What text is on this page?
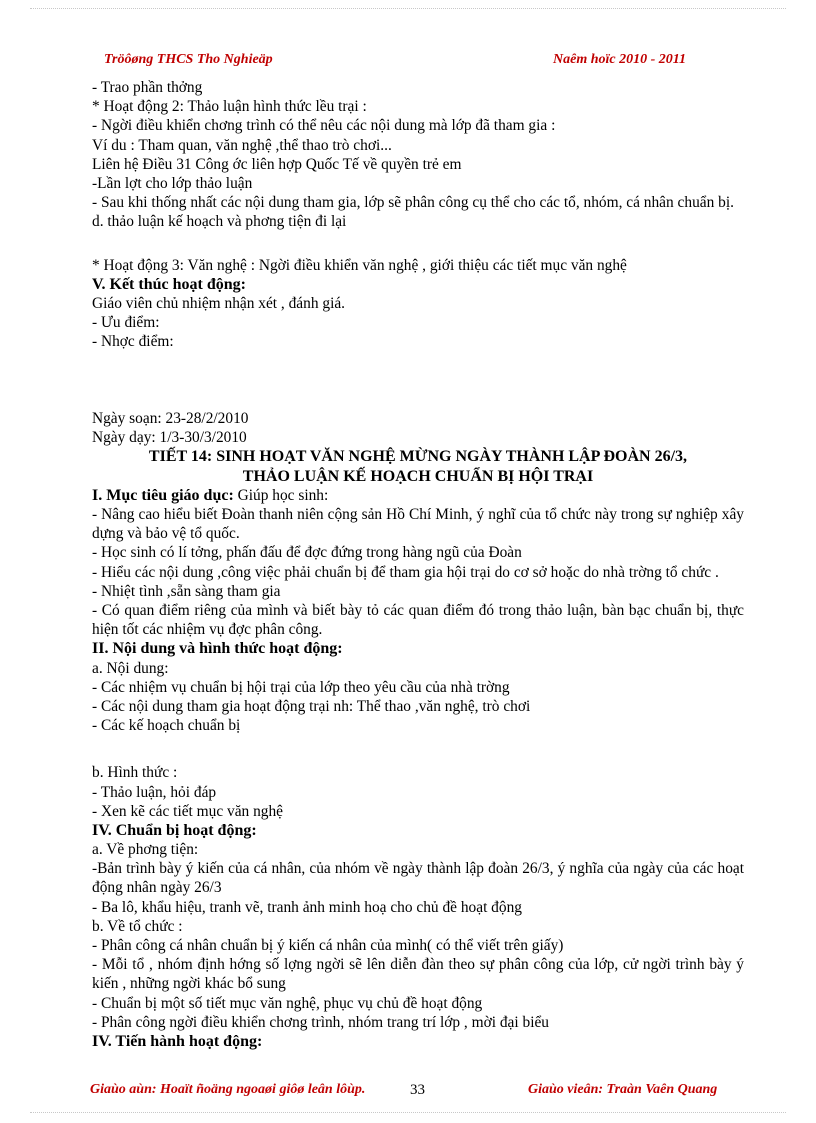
Tröôøng THCS Tho Nghieäp	Naêm hoïc 2010 - 2011
- Trao phần thởng
* Hoạt động 2: Thảo luận hình thức lều trại :
- Ngời điều khiển chơng trình có thể nêu các nội dung mà lớp đã tham gia :
Ví du : Tham quan, văn nghệ ,thể thao trò chơi...
Liên hệ Điều 31 Công ớc liên hợp Quốc Tế về quyền trẻ em
-Lần lợt cho lớp thảo luận
- Sau khi thống nhất các nội dung tham gia, lớp sẽ phân công cụ thể cho các tổ, nhóm, cá nhân chuẩn bị.
d. thảo luận kế hoạch và phơng tiện đi lại
* Hoạt động 3: Văn nghệ : Ngời điều khiển văn nghệ , giới thiệu các tiết mục văn nghệ
V. Kết thúc hoạt động:
Giáo viên chủ nhiệm nhận xét , đánh giá.
- Ưu điểm:
- Nhợc điểm:
Ngày soạn: 23-28/2/2010
Ngày dạy: 1/3-30/3/2010
TIẾT 14: SINH HOẠT VĂN NGHỆ MỪNG NGÀY THÀNH LẬP ĐOÀN 26/3,
THẢO LUẬN KẾ HOẠCH CHUẨN BỊ HỘI TRẠI
I. Mục tiêu giáo dục: Giúp học sinh:
- Nâng cao hiểu biết Đoàn thanh niên cộng sản Hồ Chí Minh, ý nghĩ của tổ chức này trong sự nghiệp xây dựng và bảo vệ tổ quốc.
- Học sinh có lí tởng, phấn đấu để đợc đứng trong hàng ngũ của Đoàn
- Hiểu các nội dung ,công việc phải chuẩn bị để tham gia hội trại do cơ sở hoặc do nhà trờng tổ chức .
- Nhiệt tình ,sẵn sàng tham gia
- Có quan điểm riêng của mình và biết bày tỏ các quan điểm đó trong thảo luận, bàn bạc chuẩn bị, thực hiện tốt các nhiệm vụ đợc phân công.
II. Nội dung và hình thức hoạt động:
a. Nội dung:
- Các nhiệm vụ chuẩn bị hội trại của lớp theo yêu cầu của nhà trờng
- Các nội dung tham gia hoạt động trại nh: Thể thao ,văn nghệ, trò chơi
- Các kế hoạch chuẩn bị
b. Hình thức :
- Thảo luận, hỏi đáp
- Xen kẽ các tiết mục văn nghệ
IV. Chuẩn bị hoạt động:
a. Về phơng tiện:
-Bản trình bày ý kiến của cá nhân, của nhóm về ngày thành lập đoàn 26/3, ý nghĩa của ngày của các hoạt động nhân ngày 26/3
- Ba lô, khẩu hiệu, tranh vẽ, tranh ảnh minh hoạ cho chủ đề hoạt động
b. Về tổ chức :
- Phân công cá nhân chuẩn bị ý kiến cá nhân của mình( có thể viết trên giấy)
- Mỗi tổ , nhóm định hớng số lợng ngời sẽ lên diễn đàn theo sự phân công của lớp, cử ngời trình bày ý kiến , những ngời khác bổ sung
- Chuẩn bị một số tiết mục văn nghệ, phục vụ chủ đề hoạt động
- Phân công ngời điều khiển chơng trình, nhóm trang trí lớp , mời đại biểu
IV. Tiến hành hoạt động:
Giaùo aùn: Hoaït ñoäng ngoaøi giôø leân lôùp.	33	Giaùo vieân: Traàn Vaên Quang
